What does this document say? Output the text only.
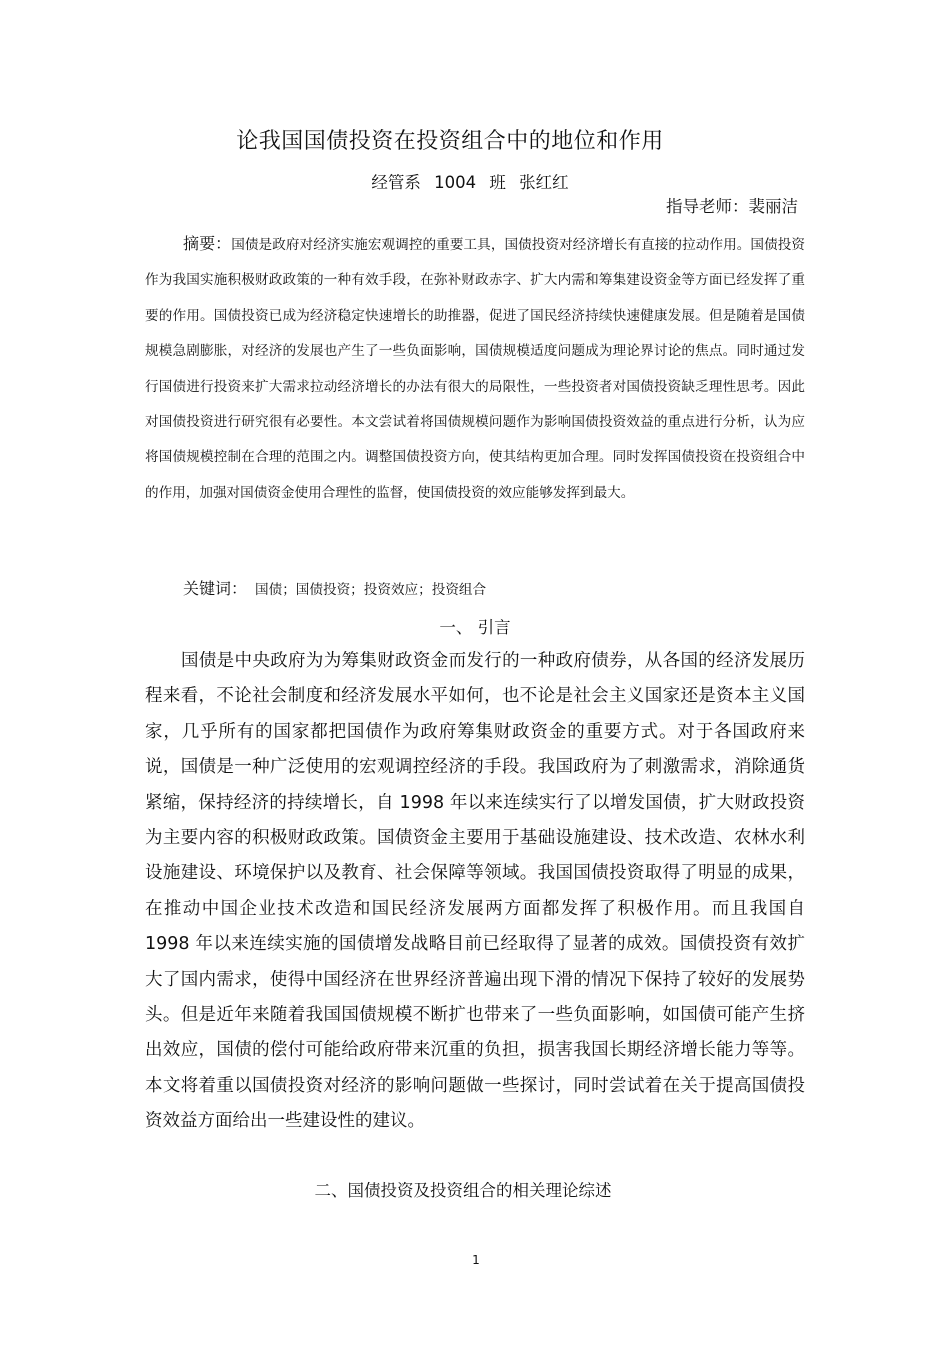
论我国国债投资在投资组合中的地位和作用
经管系 1004 班 张红红
指导老师：裴丽洁

摘要：国债是政府对经济实施宏观调控的重要工具，国债投资对经济增长有直接的拉动作用。国债投资作为我国实施积极财政政策的一种有效手段，在弥补财政赤字、扩大内需和筹集建设资金等方面已经发挥了重要的作用。国债投资已成为经济稳定快速增长的助推器，促进了国民经济持续快速健康发展。但是随着是国债规模急剧膨胀，对经济的发展也产生了一些负面影响，国债规模适度问题成为理论界讨论的焦点。同时通过发行国债进行投资来扩大需求拉动经济增长的办法有很大的局限性，一些投资者对国债投资缺乏理性思考。因此对国债投资进行研究很有必要性。本文尝试着将国债规模问题作为影响国债投资效益的重点进行分析，认为应将国债规模控制在合理的范围之内。调整国债投资方向，使其结构更加合理。同时发挥国债投资在投资组合中的作用，加强对国债资金使用合理性的监督，使国债投资的效应能够发挥到最大。

关键词： 国债；国债投资；投资效应；投资组合
一、 引言

国债是中央政府为为筹集财政资金而发行的一种政府债券，从各国的经济发展历程来看，不论社会制度和经济发展水平如何，也不论是社会主义国家还是资本主义国家，几乎所有的国家都把国债作为政府筹集财政资金的重要方式。对于各国政府来说，国债是一种广泛使用的宏观调控经济的手段。我国政府为了刺激需求，消除通货紧缩，保持经济的持续增长，自 1998 年以来连续实行了以增发国债，扩大财政投资为主要内容的积极财政政策。国债资金主要用于基础设施建设、技术改造、农林水利设施建设、环境保护以及教育、社会保障等领域。我国国债投资取得了明显的成果，在推动中国企业技术改造和国民经济发展两方面都发挥了积极作用。而且我国自 1998 年以来连续实施的国债增发战略目前已经取得了显著的成效。国债投资有效扩大了国内需求，使得中国经济在世界经济普遍出现下滑的情况下保持了较好的发展势头。但是近年来随着我国国债规模不断扩也带来了一些负面影响，如国债可能产生挤出效应，国债的偿付可能给政府带来沉重的负担，损害我国长期经济增长能力等等。本文将着重以国债投资对经济的影响问题做一些探讨，同时尝试着在关于提高国债投资效益方面给出一些建设性的建议。

二、国债投资及投资组合的相关理论综述
1
